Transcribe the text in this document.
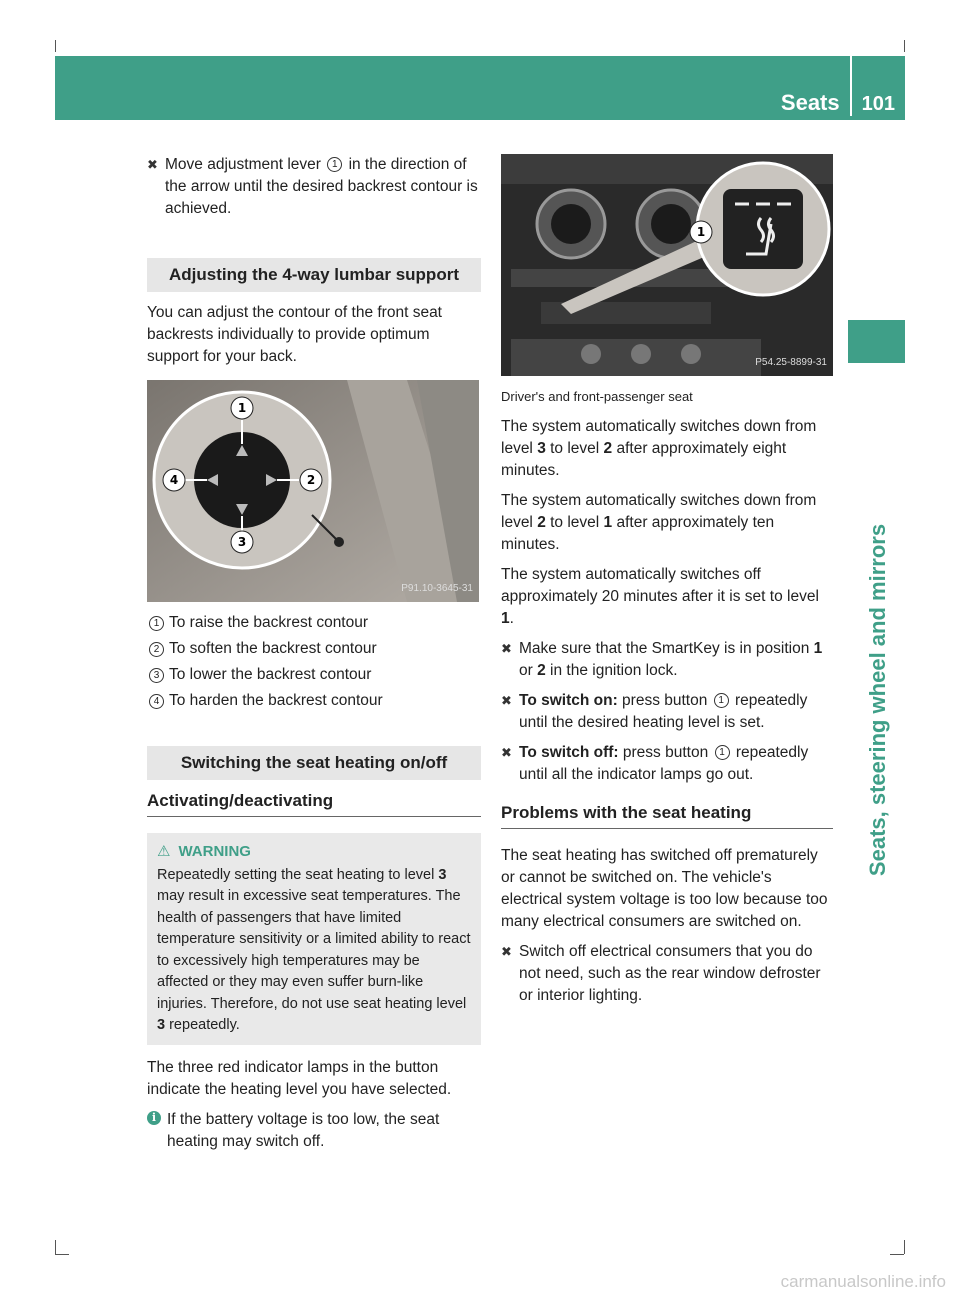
Seats	101
Seats, steering wheel and mirrors
✖ Move adjustment lever 1 in the direction of the arrow until the desired backrest contour is achieved.
Adjusting the 4-way lumbar support

You can adjust the contour of the front seat backrests individually to provide optimum support for your back.

1
2
3
4
P91.10-3645-31
1 To raise the backrest contour
2 To soften the backrest contour
3 To lower the backrest contour
4 To harden the backrest contour
Switching the seat heating on/off
Activating/deactivating
⚠ WARNING
Repeatedly setting the seat heating to level 3 may result in excessive seat temperatures. The health of passengers that have limited temperature sensitivity or a limited ability to react to excessively high temperatures may be affected or they may even suffer burn-like injuries. Therefore, do not use seat heating level 3 repeatedly.

The three red indicator lamps in the button indicate the heating level you have selected.

i If the battery voltage is too low, the seat heating may switch off.
1
P54.25-8899-31
Driver's and front-passenger seat

The system automatically switches down from level 3 to level 2 after approximately eight minutes.

The system automatically switches down from level 2 to level 1 after approximately ten minutes.

The system automatically switches off approximately 20 minutes after it is set to level 1.

✖ Make sure that the SmartKey is in position 1 or 2 in the ignition lock.
✖ To switch on: press button 1 repeatedly until the desired heating level is set.
✖ To switch off: press button 1 repeatedly until all the indicator lamps go out.
Problems with the seat heating

The seat heating has switched off prematurely or cannot be switched on. The vehicle's electrical system voltage is too low because too many electrical consumers are switched on.

✖ Switch off electrical consumers that you do not need, such as the rear window defroster or interior lighting.
carmanualsonline.info
